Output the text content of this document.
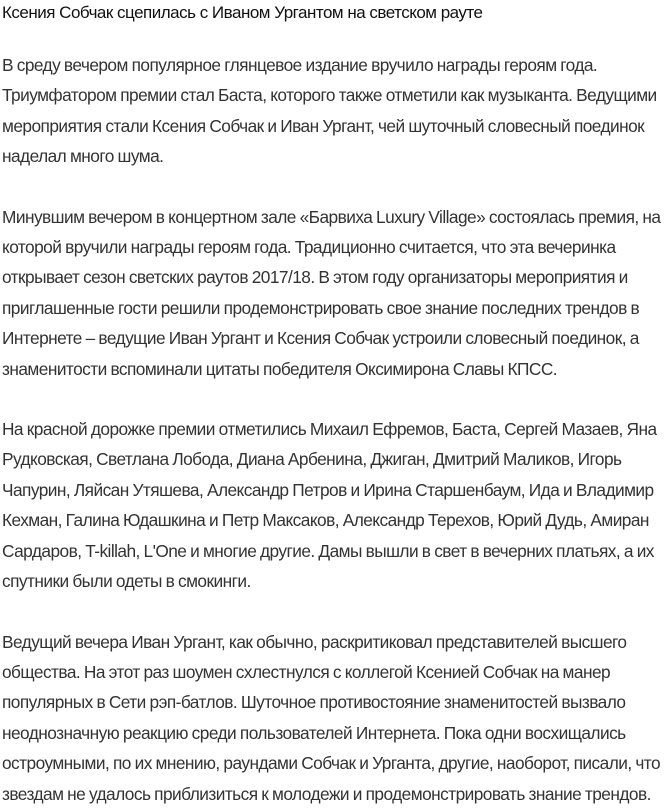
Ксения Собчак сцепилась с Иваном Ургантом на светском рауте

В среду вечером популярное глянцевое издание вручило награды героям года. Триумфатором премии стал Баста, которого также отметили как музыканта. Ведущими мероприятия стали Ксения Собчак и Иван Ургант, чей шуточный словесный поединок наделал много шума.

Минувшим вечером в концертном зале «Барвиха Luxury Village» состоялась премия, на которой вручили награды героям года. Традиционно считается, что эта вечеринка открывает сезон светских раутов 2017/18. В этом году организаторы мероприятия и приглашенные гости решили продемонстрировать свое знание последних трендов в Интернете – ведущие Иван Ургант и Ксения Собчак устроили словесный поединок, а знаменитости вспоминали цитаты победителя Оксимирона Славы КПСС.

На красной дорожке премии отметились Михаил Ефремов, Баста, Сергей Мазаев, Яна Рудковская, Светлана Лобода, Диана Арбенина, Джиган, Дмитрий Маликов, Игорь Чапурин, Ляйсан Утяшева, Александр Петров и Ирина Старшенбаум, Ида и Владимир Кехман, Галина Юдашкина и Петр Максаков, Александр Терехов, Юрий Дудь, Амиран Сардаров, T-killah, L'One и многие другие. Дамы вышли в свет в вечерних платьях, а их спутники были одеты в смокинги.

Ведущий вечера Иван Ургант, как обычно, раскритиковал представителей высшего общества. На этот раз шоумен схлестнулся с коллегой Ксенией Собчак на манер популярных в Сети рэп-батлов. Шуточное противостояние знаменитостей вызвало неоднозначную реакцию среди пользователей Интернета. Пока одни восхищались остроумными, по их мнению, раундами Собчак и Урганта, другие, наоборот, писали, что звездам не удалось приблизиться к молодежи и продемонстрировать знание трендов.
